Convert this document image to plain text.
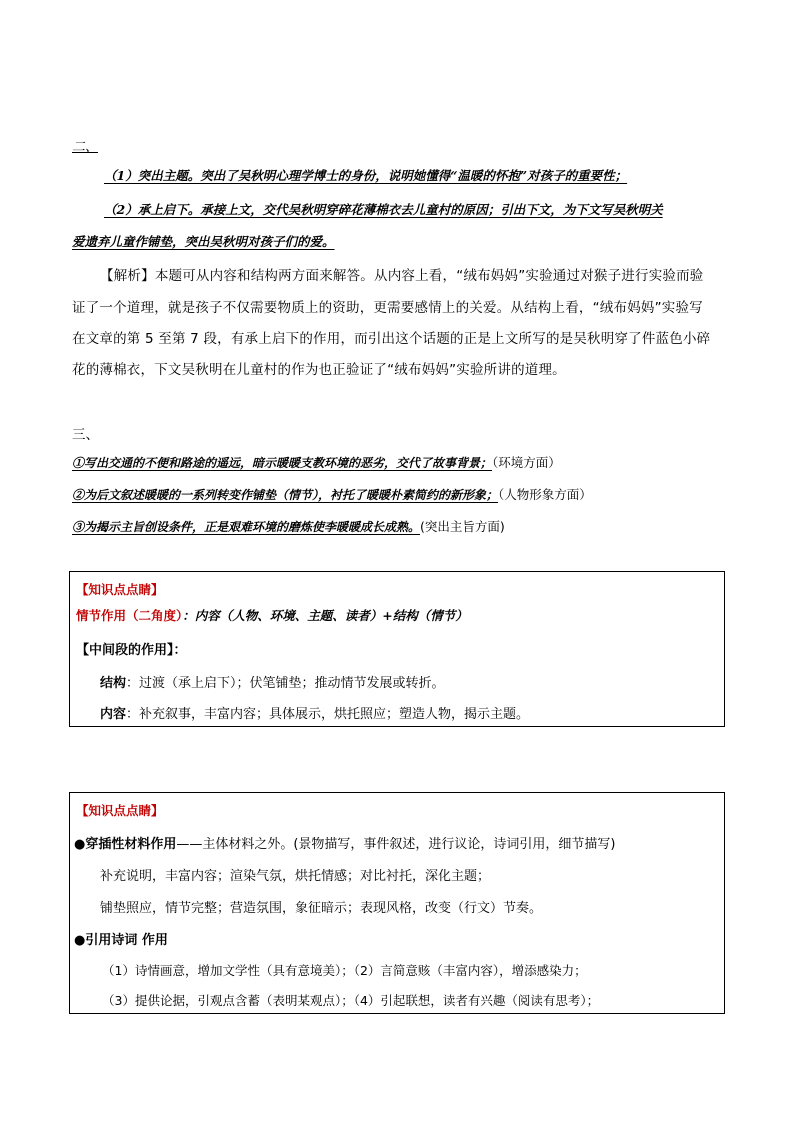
二、
（1）突出主题。突出了吴秋明心理学博士的身份，说明她懂得“温暖的怀抱”对孩子的重要性；
（2）承上启下。承接上文，交代吴秋明穿碎花薄棉衣去儿童村的原因；引出下文，为下文写吴秋明关
爱遗弃儿童作铺垫，突出吴秋明对孩子们的爱。
【解析】本题可从内容和结构两方面来解答。从内容上看，“绒布妈妈”实验通过对猴子进行实验而验
证了一个道理，就是孩子不仅需要物质上的资助，更需要感情上的关爱。从结构上看，“绒布妈妈”实验写
在文章的第 5 至第 7 段，有承上启下的作用，而引出这个话题的正是上文所写的是吴秋明穿了件蓝色小碎
花的薄棉衣，下文吴秋明在儿童村的作为也正验证了“绒布妈妈”实验所讲的道理。
三、
①写出交通的不便和路途的遥远，暗示暖暖支教环境的恶劣，交代了故事背景；（环境方面）
②为后文叙述暖暖的一系列转变作铺垫（情节），衬托了暖暖朴素简约的新形象；（人物形象方面）
③为揭示主旨创设条件，正是艰难环境的磨炼使李暖暖成长成熟。(突出主旨方面)
【知识点点睛】
情节作用（二角度）：内容（人物、环境、主题、读者）+结构（情节）
【中间段的作用】：
结构：过渡（承上启下）；伏笔铺垫；推动情节发展或转折。
内容：补充叙事，丰富内容；具体展示，烘托照应；塑造人物，揭示主题。
【知识点点睛】
●穿插性材料作用——主体材料之外。(景物描写，事件叙述，进行议论，诗词引用，细节描写)
补充说明，丰富内容；渲染气氛，烘托情感；对比衬托，深化主题；
铺垫照应，情节完整；营造氛围，象征暗示；表现风格，改变（行文）节奏。
●引用诗词 作用
（1）诗情画意，增加文学性（具有意境美）；（2）言简意赅（丰富内容），增添感染力；
（3）提供论据，引观点含蓄（表明某观点）；（4）引起联想，读者有兴趣（阅读有思考）；
